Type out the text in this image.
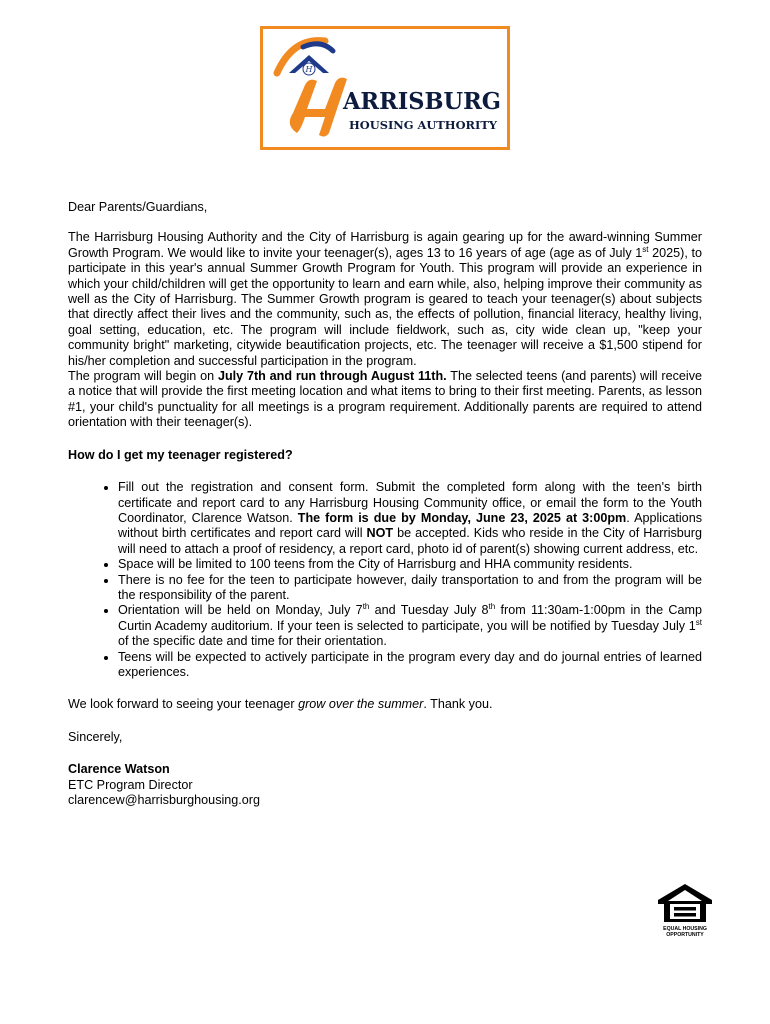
H
ARRISBURG
HOUSING AUTHORITY

Dear Parents/Guardians,

The Harrisburg Housing Authority and the City of Harrisburg is again gearing up for the award-winning Summer Growth Program. We would like to invite your teenager(s), ages 13 to 16 years of age (age as of July 1st 2025), to participate in this year's annual Summer Growth Program for Youth. This program will provide an experience in which your child/children will get the opportunity to learn and earn while, also, helping improve their community as well as the City of Harrisburg. The Summer Growth program is geared to teach your teenager(s) about subjects that directly affect their lives and the community, such as, the effects of pollution, financial literacy, healthy living, goal setting, education, etc. The program will include fieldwork, such as, city wide clean up, "keep your community bright" marketing, citywide beautification projects, etc. The teenager will receive a $1,500 stipend for his/her completion and successful participation in the program.

The program will begin on July 7th and run through August 11th. The selected teens (and parents) will receive a notice that will provide the first meeting location and what items to bring to their first meeting. Parents, as lesson #1, your child's punctuality for all meetings is a program requirement. Additionally parents are required to attend orientation with their teenager(s).

How do I get my teenager registered?

• Fill out the registration and consent form. Submit the completed form along with the teen's birth certificate and report card to any Harrisburg Housing Community office, or email the form to the Youth Coordinator, Clarence Watson. The form is due by Monday, June 23, 2025 at 3:00pm. Applications without birth certificates and report card will NOT be accepted. Kids who reside in the City of Harrisburg will need to attach a proof of residency, a report card, photo id of parent(s) showing current address, etc.
• Space will be limited to 100 teens from the City of Harrisburg and HHA community residents.
• There is no fee for the teen to participate however, daily transportation to and from the program will be the responsibility of the parent.
• Orientation will be held on Monday, July 7th and Tuesday July 8th from 11:30am-1:00pm in the Camp Curtin Academy auditorium. If your teen is selected to participate, you will be notified by Tuesday July 1st of the specific date and time for their orientation.
• Teens will be expected to actively participate in the program every day and do journal entries of learned experiences.

We look forward to seeing your teenager grow over the summer. Thank you.

Sincerely,

Clarence Watson

ETC Program Director

clarencew@harrisburghousing.org

EQUAL HOUSING
OPPORTUNITY
